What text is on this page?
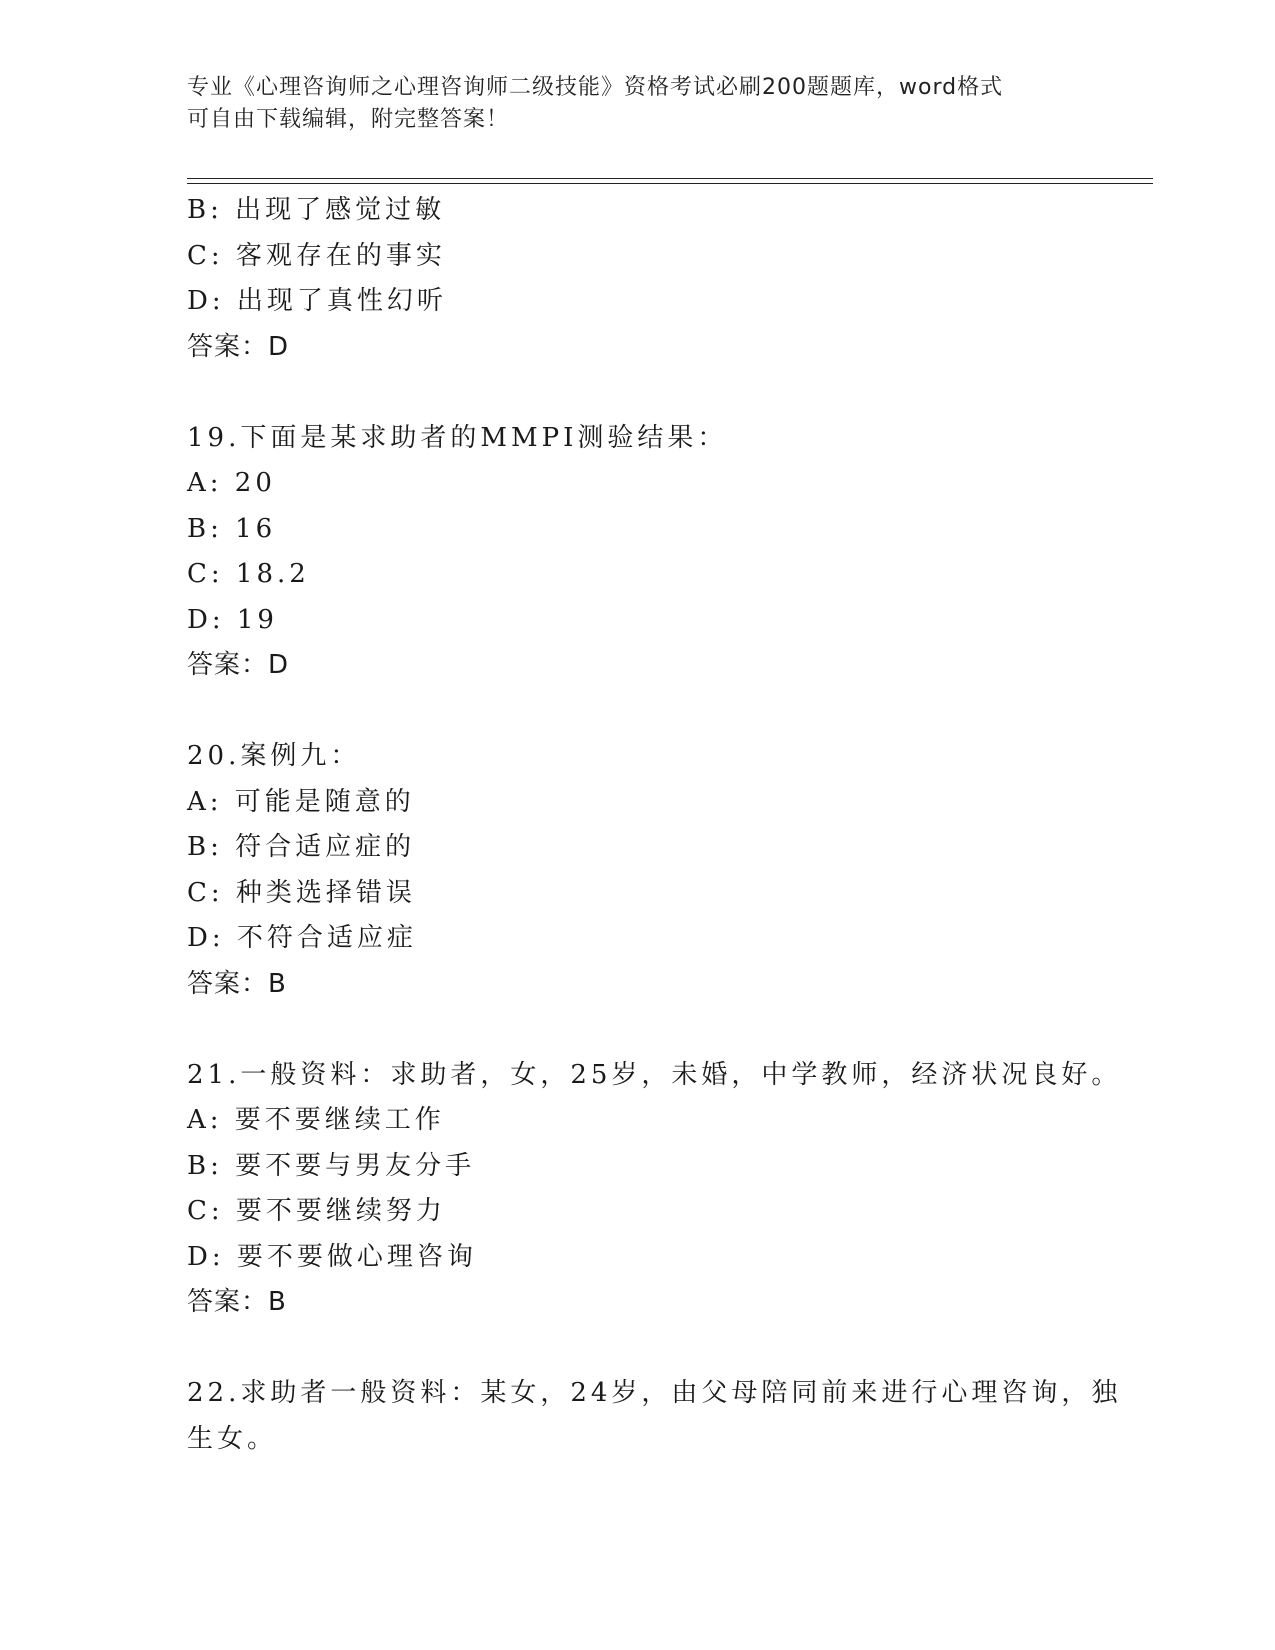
专业《心理咨询师之心理咨询师二级技能》资格考试必刷200题题库，word格式
可自由下载编辑，附完整答案！
B: 出现了感觉过敏
C: 客观存在的事实
D: 出现了真性幻听
答案：D
19.下面是某求助者的MMPI测验结果：
A: 20
B: 16
C: 18.2
D: 19
答案：D
20.案例九：
A: 可能是随意的
B: 符合适应症的
C: 种类选择错误
D: 不符合适应症
答案：B
21.一般资料：求助者，女，25岁，未婚，中学教师，经济状况良好。
A: 要不要继续工作
B: 要不要与男友分手
C: 要不要继续努力
D: 要不要做心理咨询
答案：B
22.求助者一般资料：某女，24岁，由父母陪同前来进行心理咨询，独
生女。
